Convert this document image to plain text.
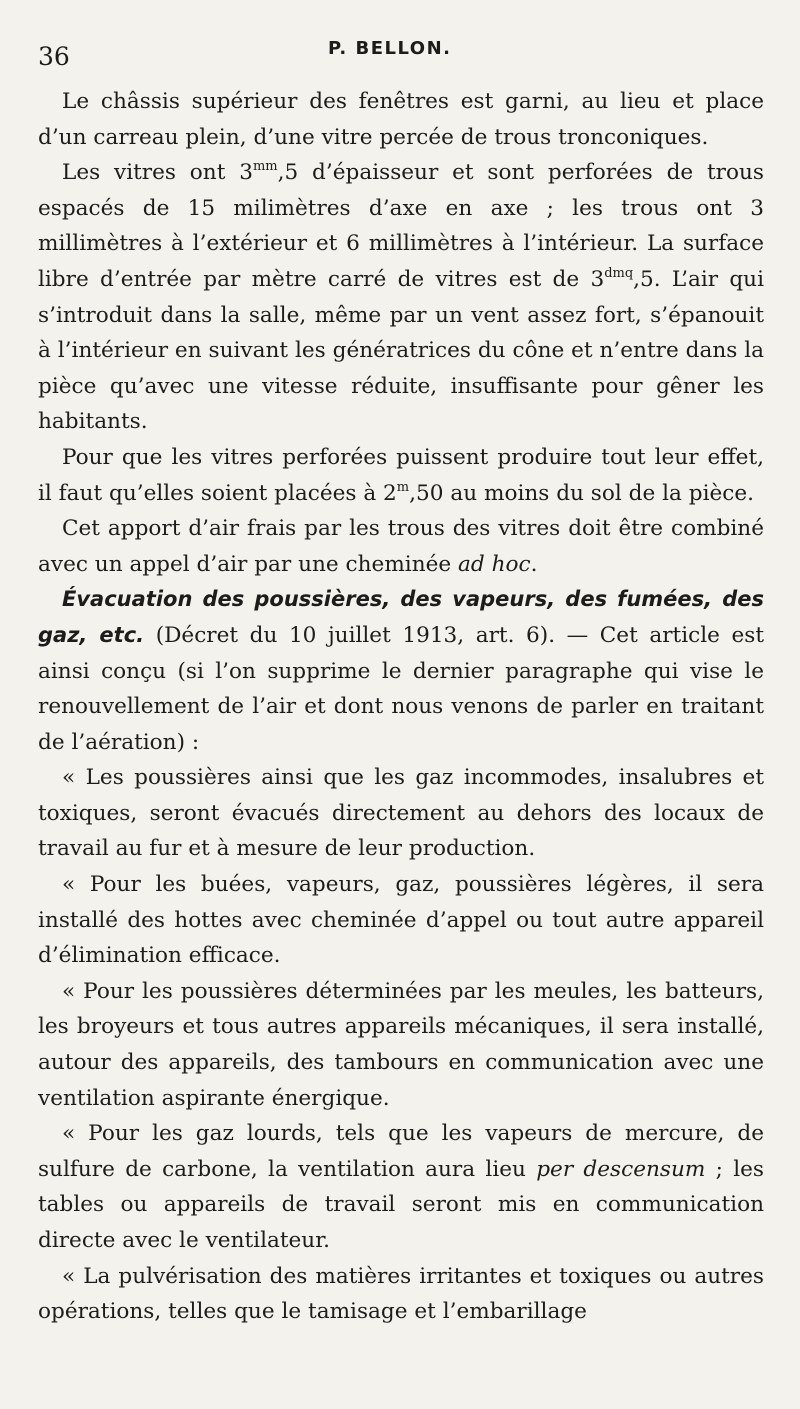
36	P. BELLON.

Le châssis supérieur des fenêtres est garni, au lieu et place d’un carreau plein, d’une vitre percée de trous tronconiques.

Les vitres ont $3^{mm},5$ d’épaisseur et sont perforées de trous espacés de 15 milimètres d’axe en axe ; les trous ont 3 millimètres à l’extérieur et 6 millimètres à l’intérieur. La surface libre d’entrée par mètre carré de vitres est de $3^{dmq},5$. L’air qui s’introduit dans la salle, même par un vent assez fort, s’épanouit à l’intérieur en suivant les génératrices du cône et n’entre dans la pièce qu’avec une vitesse réduite, insuffisante pour gêner les habitants.

Pour que les vitres perforées puissent produire tout leur effet, il faut qu’elles soient placées à 2$^m$,50 au moins du sol de la pièce.

Cet apport d’air frais par les trous des vitres doit être combiné avec un appel d’air par une cheminée ad hoc.

Évacuation des poussières, des vapeurs, des fumées, des gaz, etc. (Décret du 10 juillet 1913, art. 6). — Cet article est ainsi conçu (si l’on supprime le dernier paragraphe qui vise le renouvellement de l’air et dont nous venons de parler en traitant de l’aération) :

« Les poussières ainsi que les gaz incommodes, insalubres et toxiques, seront évacués directement au dehors des locaux de travail au fur et à mesure de leur production.

« Pour les buées, vapeurs, gaz, poussières légères, il sera installé des hottes avec cheminée d’appel ou tout autre appareil d’élimination efficace.

« Pour les poussières déterminées par les meules, les batteurs, les broyeurs et tous autres appareils mécaniques, il sera installé, autour des appareils, des tambours en communication avec une ventilation aspirante énergique.

« Pour les gaz lourds, tels que les vapeurs de mercure, de sulfure de carbone, la ventilation aura lieu per descensum ; les tables ou appareils de travail seront mis en communication directe avec le ventilateur.

« La pulvérisation des matières irritantes et toxiques ou autres opérations, telles que le tamisage et l’embarillage
